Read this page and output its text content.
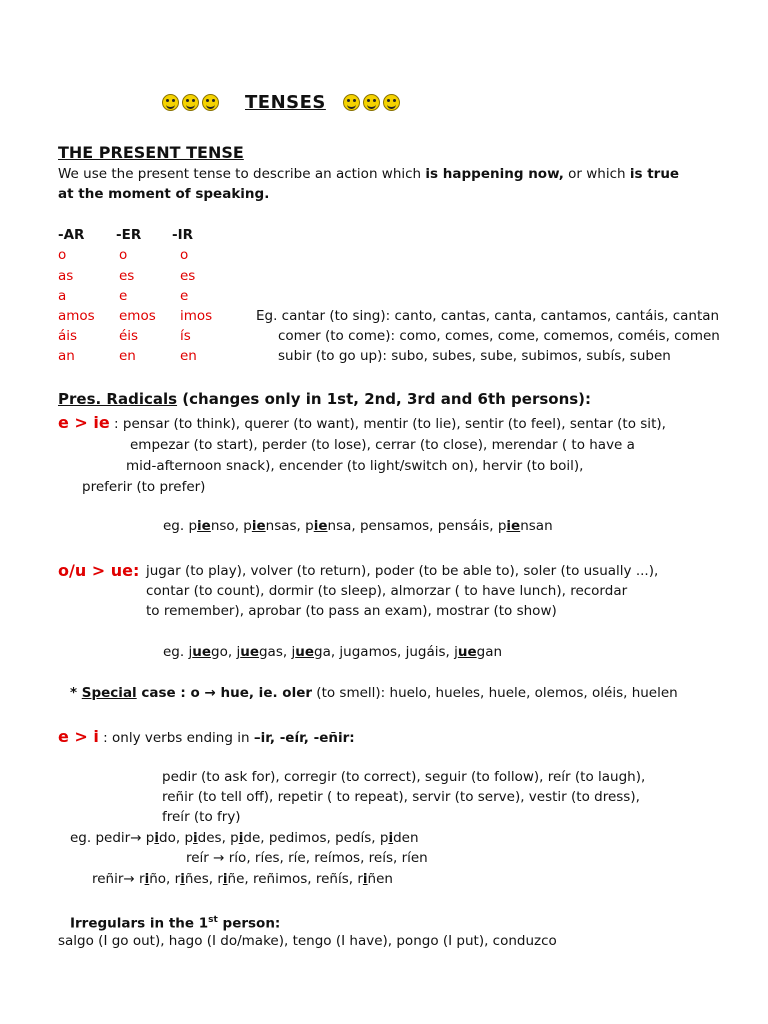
TENSES
THE PRESENT TENSE
We use the present tense to describe an action which is happening now, or which is true
at the moment of speaking.
-AR -ER -IR
o
as
a
amos
áis
an
o
es
e
emos
éis
en
o
es
e
imos
ís
en
Eg. cantar (to sing): canto, cantas, canta, cantamos, cantáis, cantan
comer (to come): como, comes, come, comemos, coméis, comen
subir (to go up): subo, subes, sube, subimos, subís, suben
Pres. Radicals (changes only in 1st, 2nd, 3rd and 6th persons):
e > ie : pensar (to think), querer (to want), mentir (to lie), sentir (to feel), sentar (to sit),
empezar (to start), perder (to lose), cerrar (to close), merendar ( to have a
mid-afternoon snack), encender (to light/switch on), hervir (to boil),
preferir (to prefer)
eg. pienso, piensas, piensa, pensamos, pensáis, piensan
o/u > ue: jugar (to play), volver (to return), poder (to be able to), soler (to usually ...),
contar (to count), dormir (to sleep), almorzar ( to have lunch), recordar
to remember), aprobar (to pass an exam), mostrar (to show)
eg. juego, juegas, juega, jugamos, jugáis, juegan
* Special case : o → hue, ie. oler (to smell): huelo, hueles, huele, olemos, oléis, huelen
e > i : only verbs ending in –ir, -eír, -eñir:
pedir (to ask for), corregir (to correct), seguir (to follow), reír (to laugh),
reñir (to tell off), repetir ( to repeat), servir (to serve), vestir (to dress),
freír (to fry)
eg. pedir→ pido, pides, pide, pedimos, pedís, piden
reír → río, ríes, ríe, reímos, reís, ríen
reñir→ riño, riñes, riñe, reñimos, reñís, riñen
Irregulars in the 1st person:
salgo (I go out), hago (I do/make), tengo (I have), pongo (I put), conduzco
